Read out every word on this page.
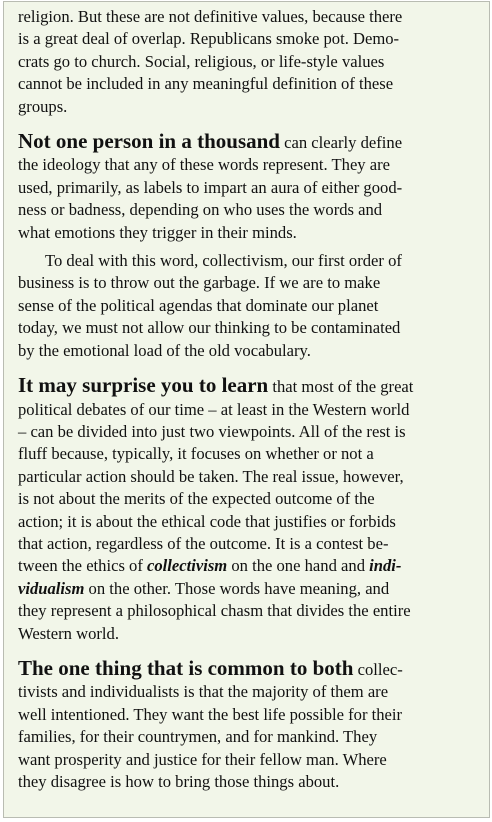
religion. But these are not definitive values, because there
is a great deal of overlap. Republicans smoke pot. Demo-
crats go to church. Social, religious, or life-style values
cannot be included in any meaningful definition of these
groups.

Not one person in a thousand can clearly define
the ideology that any of these words represent. They are
used, primarily, as labels to impart an aura of either good-
ness or badness, depending on who uses the words and
what emotions they trigger in their minds.

To deal with this word, collectivism, our first order of
business is to throw out the garbage. If we are to make
sense of the political agendas that dominate our planet
today, we must not allow our thinking to be contaminated
by the emotional load of the old vocabulary.

It may surprise you to learn that most of the great
political debates of our time – at least in the Western world
– can be divided into just two viewpoints. All of the rest is
fluff because, typically, it focuses on whether or not a
particular action should be taken. The real issue, however,
is not about the merits of the expected outcome of the
action; it is about the ethical code that justifies or forbids
that action, regardless of the outcome. It is a contest be-
tween the ethics of collectivism on the one hand and indi-
vidualism on the other. Those words have meaning, and
they represent a philosophical chasm that divides the entire
Western world.

The one thing that is common to both collec-
tivists and individualists is that the majority of them are
well intentioned. They want the best life possible for their
families, for their countrymen, and for mankind. They
want prosperity and justice for their fellow man. Where
they disagree is how to bring those things about.
